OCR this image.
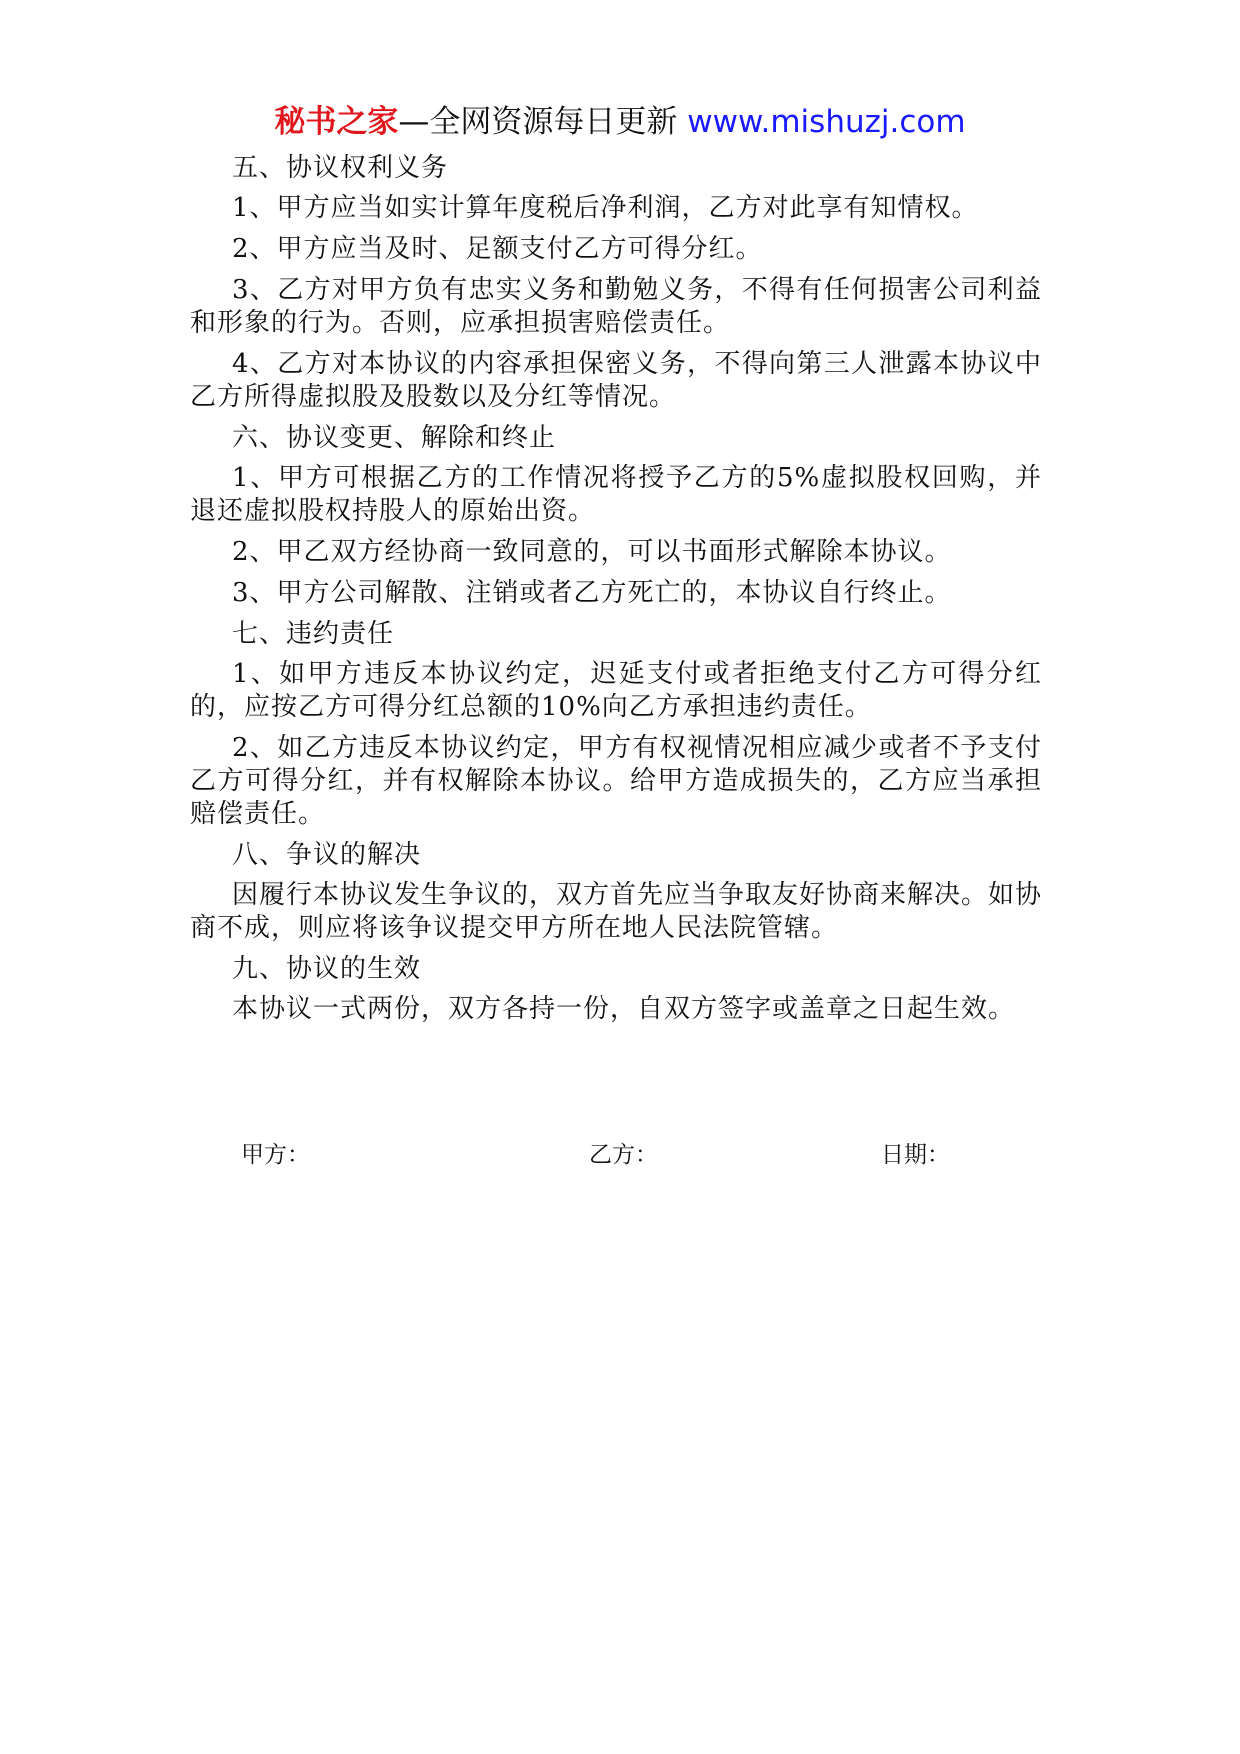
秘书之家—全网资源每日更新 www.mishuzj.com
五、协议权利义务

1、甲方应当如实计算年度税后净利润，乙方对此享有知情权。

2、甲方应当及时、足额支付乙方可得分红。

3、乙方对甲方负有忠实义务和勤勉义务，不得有任何损害公司利益和形象的行为。否则，应承担损害赔偿责任。

4、乙方对本协议的内容承担保密义务，不得向第三人泄露本协议中乙方所得虚拟股及股数以及分红等情况。

六、协议变更、解除和终止

1、甲方可根据乙方的工作情况将授予乙方的5%虚拟股权回购，并退还虚拟股权持股人的原始出资。

2、甲乙双方经协商一致同意的，可以书面形式解除本协议。

3、甲方公司解散、注销或者乙方死亡的，本协议自行终止。

七、违约责任

1、如甲方违反本协议约定，迟延支付或者拒绝支付乙方可得分红的，应按乙方可得分红总额的10%向乙方承担违约责任。

2、如乙方违反本协议约定，甲方有权视情况相应减少或者不予支付乙方可得分红，并有权解除本协议。给甲方造成损失的，乙方应当承担赔偿责任。

八、争议的解决

因履行本协议发生争议的，双方首先应当争取友好协商来解决。如协商不成，则应将该争议提交甲方所在地人民法院管辖。

九、协议的生效

本协议一式两份，双方各持一份，自双方签字或盖章之日起生效。

甲方：	乙方：	日期：
